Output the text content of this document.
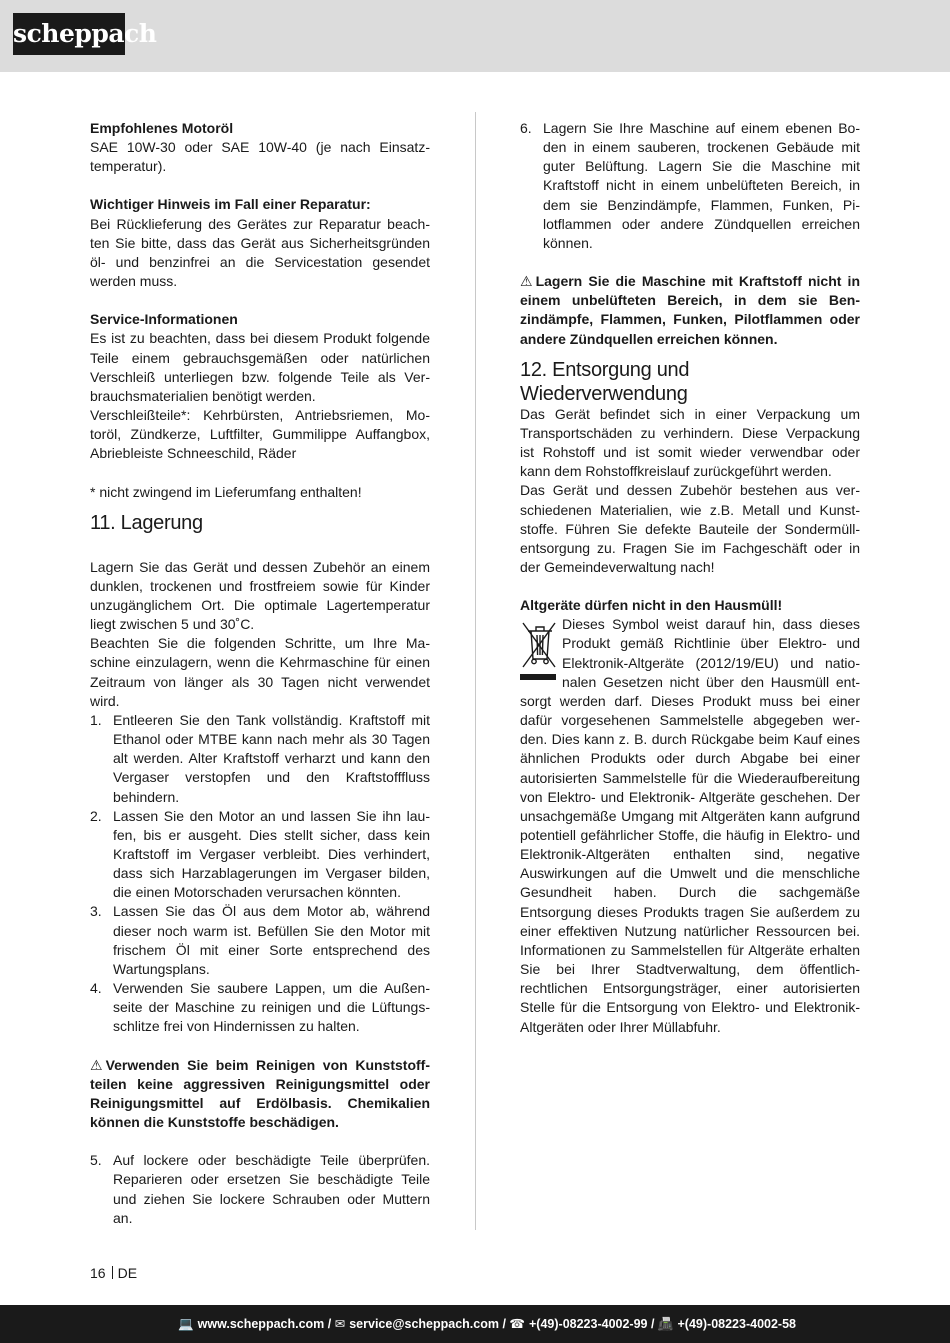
scheppach

Empfohlenes Motoröl

SAE 10W-30 oder SAE 10W-40 (je nach Einsatztemperatur).

Wichtiger Hinweis im Fall einer Reparatur:

Bei Rücklieferung des Gerätes zur Reparatur beachten Sie bitte, dass das Gerät aus Sicherheitsgründen öl- und benzinfrei an die Servicestation gesendet werden muss.

Service-Informationen

Es ist zu beachten, dass bei diesem Produkt folgende Teile einem gebrauchsgemäßen oder natürlichen Verschleiß unterliegen bzw. folgende Teile als Verbrauchsmaterialien benötigt werden.

Verschleißteile*: Kehrbürsten, Antriebsriemen, Motoröl, Zündkerze, Luftfilter, Gummilippe Auffangbox, Abriebleiste Schneeschild, Räder

* nicht zwingend im Lieferumfang enthalten!

11. Lagerung

Lagern Sie das Gerät und dessen Zubehör an einem dunklen, trockenen und frostfreiem sowie für Kinder unzugänglichem Ort. Die optimale Lagertemperatur liegt zwischen 5 und 30˚C.

Beachten Sie die folgenden Schritte, um Ihre Maschine einzulagern, wenn die Kehrmaschine für einen Zeitraum von länger als 30 Tagen nicht verwendet wird.

1. Entleeren Sie den Tank vollständig. Kraftstoff mit Ethanol oder MTBE kann nach mehr als 30 Tagen alt werden. Alter Kraftstoff verharzt und kann den Vergaser verstopfen und den Kraftstofffluss behindern.
2. Lassen Sie den Motor an und lassen Sie ihn laufen, bis er ausgeht. Dies stellt sicher, dass kein Kraftstoff im Vergaser verbleibt. Dies verhindert, dass sich Harzablagerungen im Vergaser bilden, die einen Motorschaden verursachen könnten.
3. Lassen Sie das Öl aus dem Motor ab, während dieser noch warm ist. Befüllen Sie den Motor mit frischem Öl mit einer Sorte entsprechend des Wartungsplans.
4. Verwenden Sie saubere Lappen, um die Außenseite der Maschine zu reinigen und die Lüftungsschlitze frei von Hindernissen zu halten.

⚠ Verwenden Sie beim Reinigen von Kunststoffteilen keine aggressiven Reinigungsmittel oder Reinigungsmittel auf Erdölbasis. Chemikalien können die Kunststoffe beschädigen.

5. Auf lockere oder beschädigte Teile überprüfen. Reparieren oder ersetzen Sie beschädigte Teile und ziehen Sie lockere Schrauben oder Muttern an.
6. Lagern Sie Ihre Maschine auf einem ebenen Boden in einem sauberen, trockenen Gebäude mit guter Belüftung. Lagern Sie die Maschine mit Kraftstoff nicht in einem unbelüfteten Bereich, in dem sie Benzindämpfe, Flammen, Funken, Pilotflammen oder andere Zündquellen erreichen können.

⚠ Lagern Sie die Maschine mit Kraftstoff nicht in einem unbelüfteten Bereich, in dem sie Benzindämpfe, Flammen, Funken, Pilotflammen oder andere Zündquellen erreichen können.

12. Entsorgung und Wiederverwendung

Das Gerät befindet sich in einer Verpackung um Transportschäden zu verhindern. Diese Verpackung ist Rohstoff und ist somit wieder verwendbar oder kann dem Rohstoffkreislauf zurückgeführt werden.

Das Gerät und dessen Zubehör bestehen aus verschiedenen Materialien, wie z.B. Metall und Kunststoffe. Führen Sie defekte Bauteile der Sondermüllentsorgung zu. Fragen Sie im Fachgeschäft oder in der Gemeindeverwaltung nach!

Altgeräte dürfen nicht in den Hausmüll!

Dieses Symbol weist darauf hin, dass dieses Produkt gemäß Richtlinie über Elektro- und Elektronik-Altgeräte (2012/19/EU) und nationalen Gesetzen nicht über den Hausmüll entsorgt werden darf. Dieses Produkt muss bei einer dafür vorgesehenen Sammelstelle abgegeben werden. Dies kann z. B. durch Rückgabe beim Kauf eines ähnlichen Produkts oder durch Abgabe bei einer autorisierten Sammelstelle für die Wiederaufbereitung von Elektro- und Elektronik- Altgeräte geschehen. Der unsachgemäße Umgang mit Altgeräten kann aufgrund potentiell gefährlicher Stoffe, die häufig in Elektro- und Elektronik-Altgeräten enthalten sind, negative Auswirkungen auf die Umwelt und die menschliche Gesundheit haben. Durch die sachgemäße Entsorgung dieses Produkts tragen Sie außerdem zu einer effektiven Nutzung natürlicher Ressourcen bei. Informationen zu Sammelstellen für Altgeräte erhalten Sie bei Ihrer Stadtverwaltung, dem öffentlich-rechtlichen Entsorgungsträger, einer autorisierten Stelle für die Entsorgung von Elektro- und Elektronik-Altgeräten oder Ihrer Müllabfuhr.

16 DE
💻 www.scheppach.com / ✉ service@scheppach.com / ☎ +(49)-08223-4002-99 / 📠 +(49)-08223-4002-58
